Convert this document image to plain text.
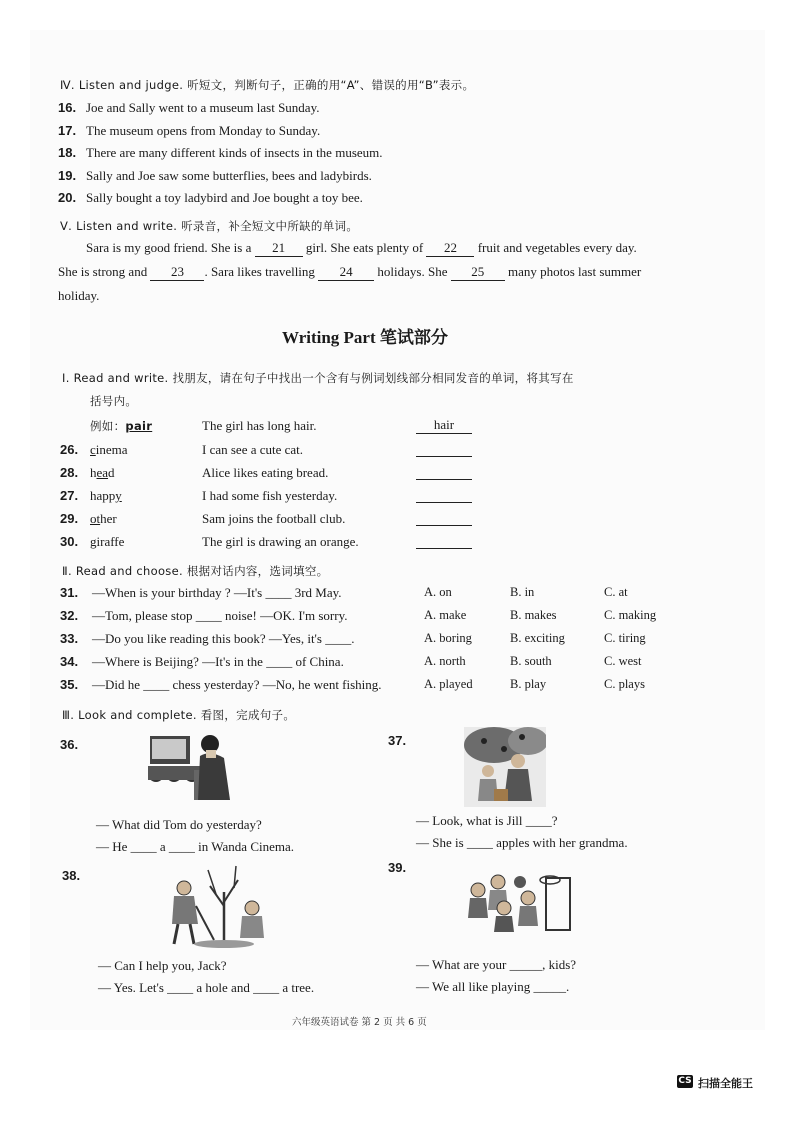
Ⅳ. Listen and judge. 听短文，判断句子，正确的用“A”、错误的用“B”表示。
16. Joe and Sally went to a museum last Sunday.
17. The museum opens from Monday to Sunday.
18. There are many different kinds of insects in the museum.
19. Sally and Joe saw some butterflies, bees and ladybirds.
20. Sally bought a toy ladybird and Joe bought a toy bee.
Ⅴ. Listen and write. 听录音，补全短文中所缺的单词。
Sara is my good friend. She is a 21 girl. She eats plenty of 22 fruit and vegetables every day.
She is strong and 23 . Sara likes travelling 24 holidays. She 25 many photos last summer
holiday.
Writing Part 笔试部分
Ⅰ. Read and write. 找朋友，请在句子中找出一个含有与例词划线部分相同发音的单词，将其写在
括号内。
例如：pair	The girl has long hair.	hair
26. cinema	I can see a cute cat.
28. head	Alice likes eating bread.
27. happy	I had some fish yesterday.
29. other	Sam joins the football club.
30. giraffe	The girl is drawing an orange.
Ⅱ. Read and choose. 根据对话内容，选词填空。
31. —When is your birthday ? —It's ____ 3rd May.	A. on	B. in	C. at
32. —Tom, please stop ____ noise! —OK. I'm sorry.	A. make	B. makes	C. making
33. —Do you like reading this book? —Yes, it's ____.	A. boring	B. exciting	C. tiring
34. —Where is Beijing? —It's in the ____ of China.	A. north	B. south	C. west
35. —Did he ____ chess yesterday? —No, he went fishing.	A. played	B. play	C. plays
Ⅲ. Look and complete. 看图，完成句子。
36.
— What did Tom do yesterday?
— He ____ a ____ in Wanda Cinema.
37.
— Look, what is Jill ____?
— She is ____ apples with her grandma.
38.
— Can I help you, Jack?
— Yes. Let's ____ a hole and ____ a tree.
39.
— What are your _____, kids?
— We all like playing _____.
六年级英语试卷 第 2 页 共 6 页
CS 扫描全能王
